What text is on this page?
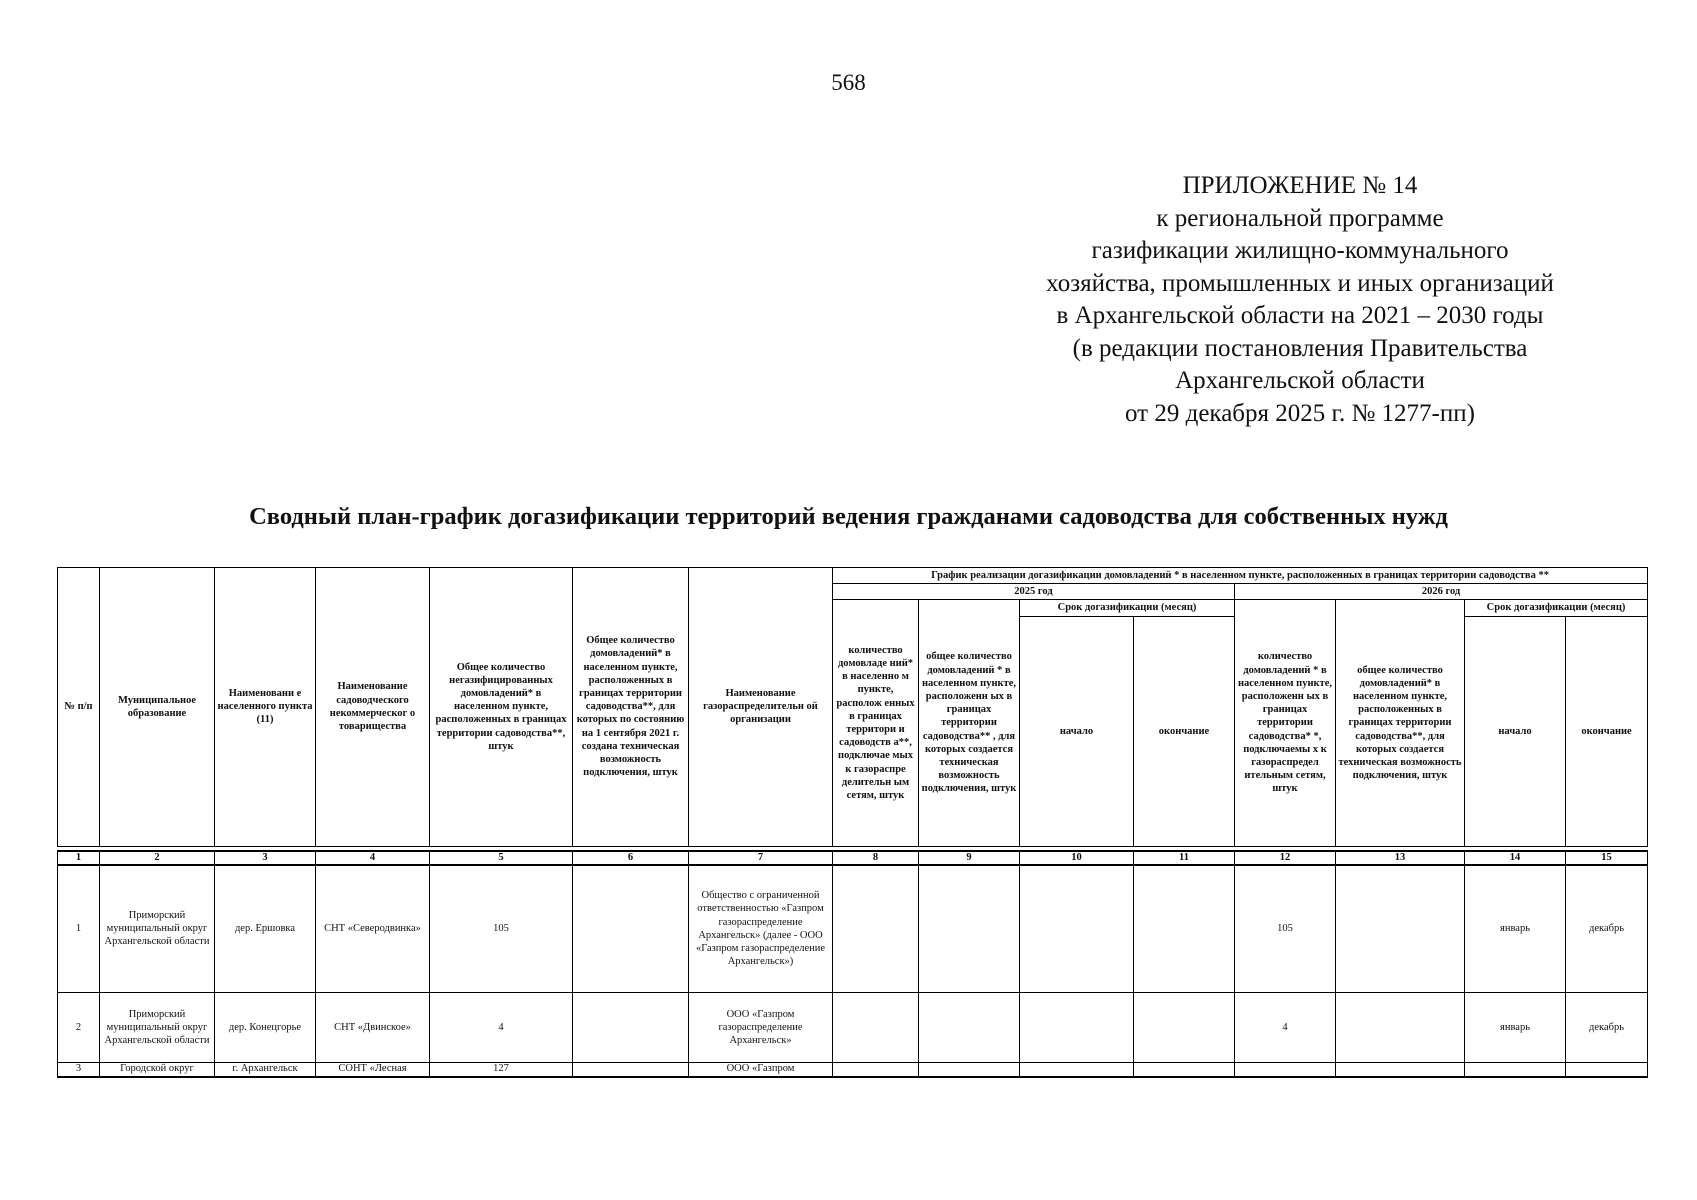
568
ПРИЛОЖЕНИЕ № 14
к региональной программе
газификации жилищно-коммунального
хозяйства, промышленных и иных организаций
в Архангельской области на 2021 – 2030 годы
(в редакции постановления Правительства
Архангельской области
от 29 декабря 2025 г. № 1277-пп)
Сводный план-график догазификации территорий ведения гражданами садоводства для собственных нужд
№ п/п	Муниципальное образование	Наименовани е населенного пункта (11)	Наименование садоводческого некоммерческог о товарищества	Общее количество негазифицированных домовладений* в населенном пункте, расположенных в границах территории садоводства**, штук	Общее количество домовладений* в населенном пункте, расположенных в границах территории садоводства**, для которых по состоянию на 1 сентября 2021 г. создана техническая возможность подключения, штук	Наименование газораспределительн ой организации	График реализации догазификации домовладений * в населенном пункте, расположенных в границах территории садоводства **							
							2025 год				2026 год			
							количество домовладе ний* в населенно м пункте, располож енных в границах территори и садоводств а**, подключае мых к газораспре делительн ым сетям, штук	общее количество домовладений * в населенном пункте, расположенн ых в границах территории садоводства** , для которых создается техническая возможность подключения, штук	Срок догазификации (месяц)		количество домовладений * в населенном пункте, расположенн ых в границах территории садоводства* *, подключаемы х к газораспредел ительным сетям, штук	общее количество домовладений* в населенном пункте, расположенных в границах территории садоводства**, для которых создается техническая возможность подключения, штук	Срок догазификации (месяц)	
									начало	окончание			начало	окончание

1	2	3	4	5	6	7	8	9	10	11	12	13	14	15
1	Приморский муниципальный округ Архангельской области	дер. Ершовка	СНТ «Северодвинка»	105		Общество с ограниченной ответственностью «Газпром газораспределение Архангельск» (далее - ООО «Газпром газораспределение Архангельск»)					105		январь	декабрь
2	Приморский муниципальный округ Архангельской области	дер. Конецгорье	СНТ «Двинское»	4		ООО «Газпром газораспределение Архангельск»					4		январь	декабрь
3	Городской округ	г. Архангельск	СОНТ «Лесная	127		ООО «Газпром								
